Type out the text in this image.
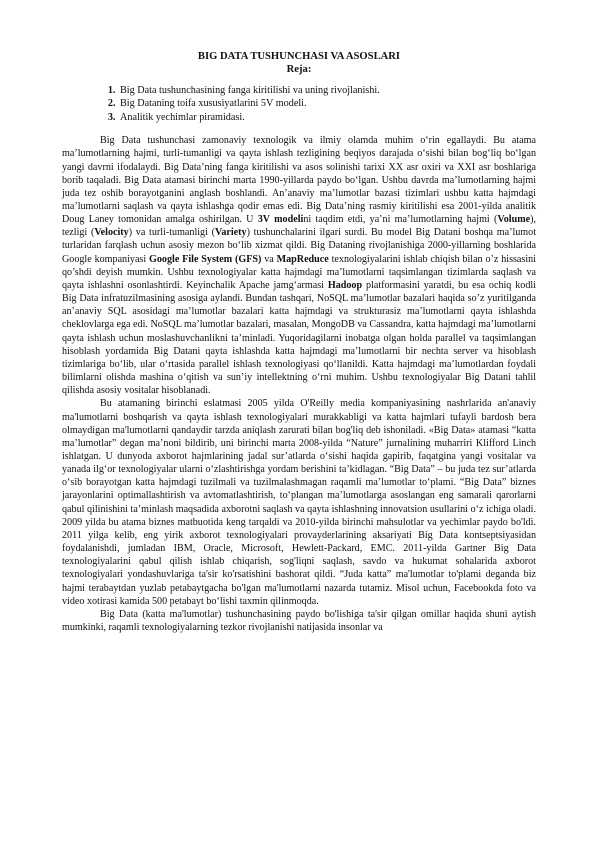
BIG DATA TUSHUNCHASI VA ASOSLARI

Reja:

1. Big Data tushunchasining fanga kiritilishi va uning rivojlanishi.
2. Big Dataning toifa xususiyatlarini 5V modeli.
3. Analitik yechimlar piramidasi.

Big Data tushunchasi zamonaviy texnologik va ilmiy olamda muhim o‘rin egallaydi. Bu atama ma’lumotlarning hajmi, turli-tumanligi va qayta ishlash tezligining beqiyos darajada o‘sishi bilan bog‘liq bo‘lgan yangi davrni ifodalaydi. Big Data’ning fanga kiritilishi va asos solinishi tarixi XX asr oxiri va XXI asr boshlariga borib taqaladi. Big Data atamasi birinchi marta 1990-yillarda paydo bo‘lgan. Ushbu davrda ma’lumotlarning hajmi juda tez oshib borayotganini anglash boshlandi. An’anaviy ma’lumotlar bazasi tizimlari ushbu katta hajmdagi ma’lumotlarni saqlash va qayta ishlashga qodir emas edi. Big Data’ning rasmiy kiritilishi esa 2001-yilda analitik Doug Laney tomonidan amalga oshirilgan. U 3V modelini taqdim etdi, ya’ni ma’lumotlarning hajmi (Volume), tezligi (Velocity) va turli-tumanligi (Variety) tushunchalarini ilgari surdi. Bu model Big Datani boshqa ma’lumot turlaridan farqlash uchun asosiy mezon bo‘lib xizmat qildi. Big Dataning rivojlanishiga 2000-yillarning boshlarida Google kompaniyasi Google File System (GFS) va MapReduce texnologiyalarini ishlab chiqish bilan o’z hissasini qo’shdi deyish mumkin. Ushbu texnologiyalar katta hajmdagi ma’lumotlarni taqsimlangan tizimlarda saqlash va qayta ishlashni osonlashtirdi. Keyinchalik Apache jamg‘armasi Hadoop platformasini yaratdi, bu esa ochiq kodli Big Data infratuzilmasining asosiga aylandi. Bundan tashqari, NoSQL ma’lumotlar bazalari haqida so’z yuritilganda an’anaviy SQL asosidagi ma’lumotlar bazalari katta hajmdagi va strukturasiz ma’lumotlarni qayta ishlashda cheklovlarga ega edi. NoSQL ma’lumotlar bazalari, masalan, MongoDB va Cassandra, katta hajmdagi ma’lumotlarni qayta ishlash uchun moslashuvchanlikni ta’minladi. Yuqoridagilarni inobatga olgan holda parallel va taqsimlangan hisoblash yordamida Big Datani qayta ishlashda katta hajmdagi ma’lumotlarni bir nechta server va hisoblash tizimlariga bo‘lib, ular o‘rtasida parallel ishlash texnologiyasi qo‘llanildi. Katta hajmdagi ma’lumotlardan foydali bilimlarni olishda mashina o‘qitish va sun’iy intellektning o‘rni muhim. Ushbu texnologiyalar Big Datani tahlil qilishda asosiy vositalar hisoblanadi.

Bu atamaning birinchi eslatmasi 2005 yilda O'Reilly media kompaniyasining nashrlarida an'anaviy ma'lumotlarni boshqarish va qayta ishlash texnologiyalari murakkabligi va katta hajmlari tufayli bardosh bera olmaydigan ma'lumotlarni qandaydir tarzda aniqlash zarurati bilan bog'liq deb ishoniladi. «Big Data» atamasi “katta ma’lumotlar” degan ma’noni bildirib, uni birinchi marta 2008-yilda “Nature” jurnalining muharriri Klifford Linch ishlatgan. U dunyoda axborot hajmlarining jadal sur’atlarda o‘sishi haqida gapirib, faqatgina yangi vositalar va yanada ilg‘or texnologiyalar ularni o‘zlashtirishga yordam berishini ta’kidlagan. “Big Data” – bu juda tez sur’atlarda o‘sib borayotgan katta hajmdagi tuzilmali va tuzilmalashmagan raqamli ma’lumotlar to‘plami. “Big Data” biznes jarayonlarini optimallashtirish va avtomatlashtirish, to‘plangan ma’lumotlarga asoslangan eng samarali qarorlarni qabul qilinishini ta’minlash maqsadida axborotni saqlash va qayta ishlashning innovatsion usullarini o‘z ichiga oladi. 2009 yilda bu atama biznes matbuotida keng tarqaldi va 2010-yilda birinchi mahsulotlar va yechimlar paydo bo'ldi. 2011 yilga kelib, eng yirik axborot texnologiyalari provayderlarining aksariyati Big Data kontseptsiyasidan foydalanishdi, jumladan IBM, Oracle, Microsoft, Hewlett-Packard, EMC. 2011-yilda Gartner Big Data texnologiyalarini qabul qilish ishlab chiqarish, sog'liqni saqlash, savdo va hukumat sohalarida axborot texnologiyalari yondashuvlariga ta'sir ko'rsatishini bashorat qildi. “Juda katta” ma'lumotlar to'plami deganda biz hajmi terabaytdan yuzlab petabaytgacha bo'lgan ma'lumotlarni nazarda tutamiz. Misol uchun, Facebookda foto va video xotirasi kamida 500 petabayt bo‘lishi taxmin qilinmoqda.

Big Data (katta ma'lumotlar) tushunchasining paydo bo'lishiga ta'sir qilgan omillar haqida shuni aytish mumkinki, raqamli texnologiyalarning tezkor rivojlanishi natijasida insonlar va
